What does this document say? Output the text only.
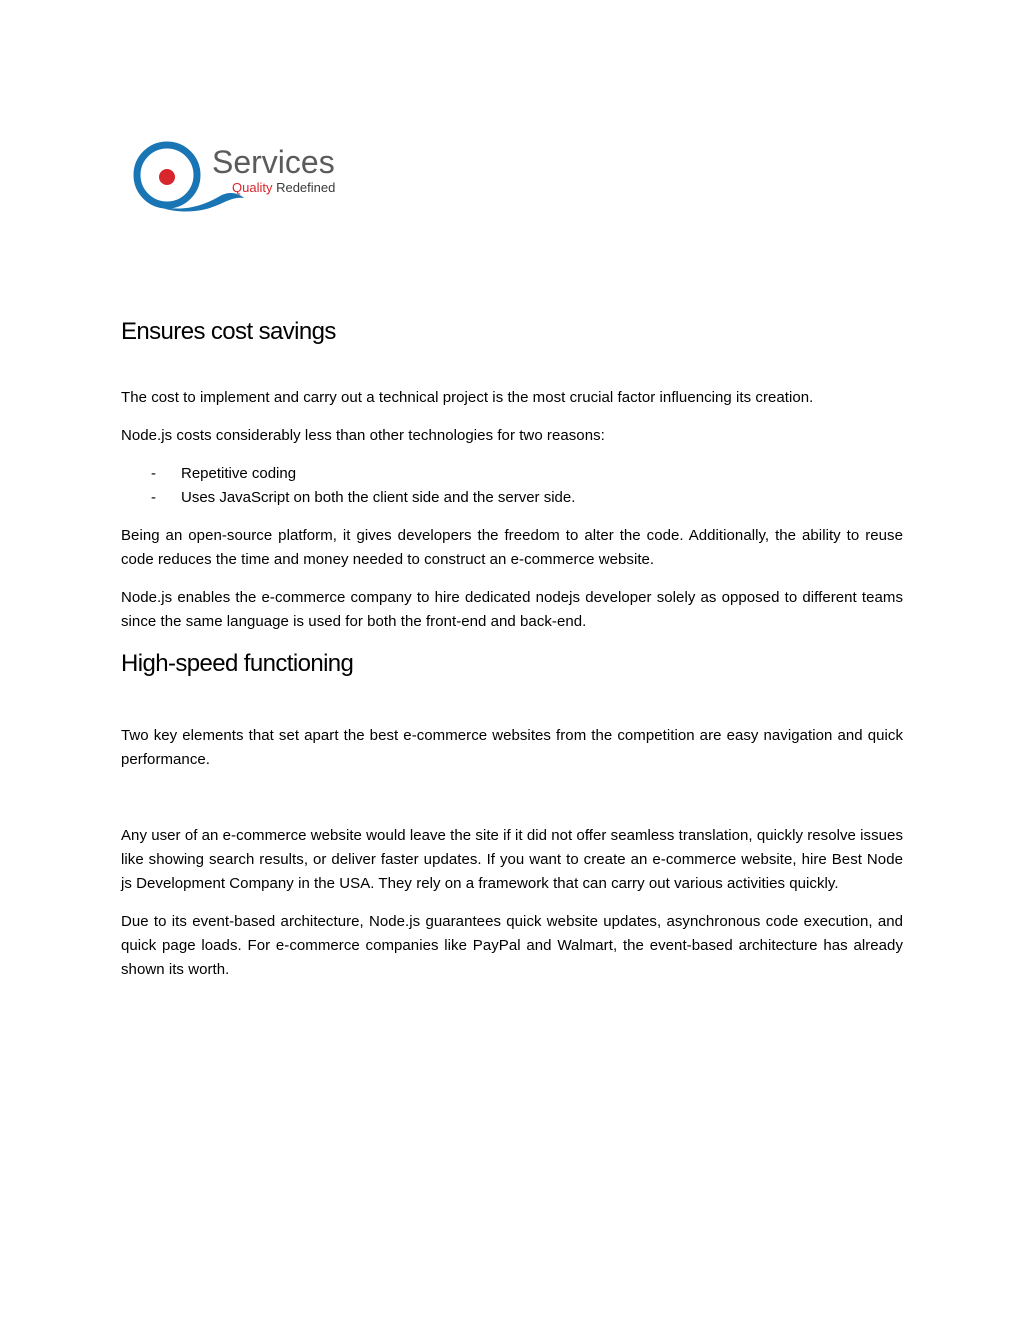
Services
Quality Redefined
Ensures cost savings

The cost to implement and carry out a technical project is the most crucial factor influencing its creation.

Node.js costs considerably less than other technologies for two reasons:

- Repetitive coding
- Uses JavaScript on both the client side and the server side.

Being an open-source platform, it gives developers the freedom to alter the code. Additionally, the ability to reuse code reduces the time and money needed to construct an e-commerce website.

Node.js enables the e-commerce company to hire dedicated nodejs developer solely as opposed to different teams since the same language is used for both the front-end and back-end.

High-speed functioning

Two key elements that set apart the best e-commerce websites from the competition are easy navigation and quick performance.

Any user of an e-commerce website would leave the site if it did not offer seamless translation, quickly resolve issues like showing search results, or deliver faster updates. If you want to create an e-commerce website, hire Best Node js Development Company in the USA. They rely on a framework that can carry out various activities quickly.

Due to its event-based architecture, Node.js guarantees quick website updates, asynchronous code execution, and quick page loads. For e-commerce companies like PayPal and Walmart, the event-based architecture has already shown its worth.
